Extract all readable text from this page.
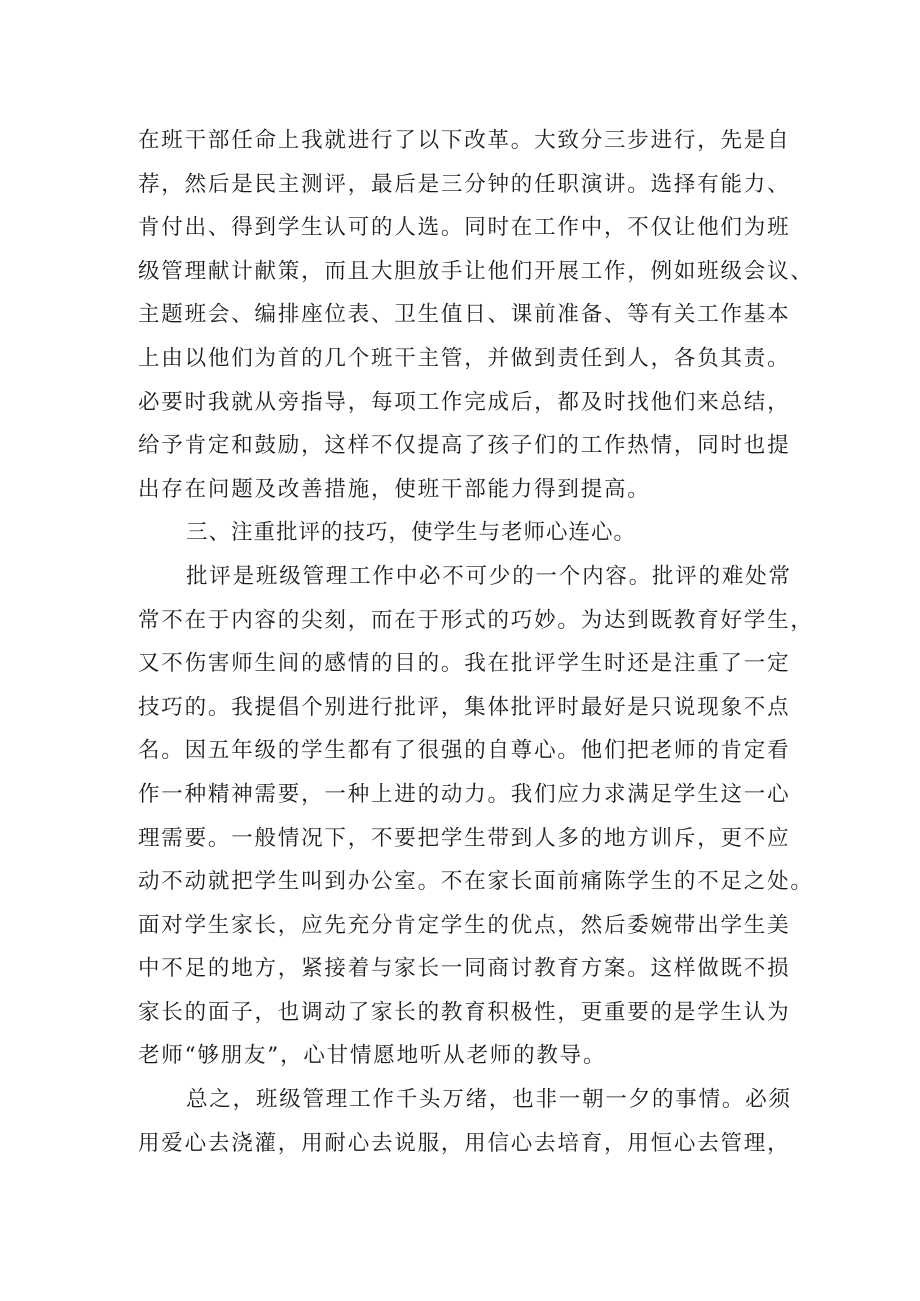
在班干部任命上我就进行了以下改革。大致分三步进行，先是自
荐，然后是民主测评，最后是三分钟的任职演讲。选择有能力、
肯付出、得到学生认可的人选。同时在工作中，不仅让他们为班
级管理献计献策，而且大胆放手让他们开展工作，例如班级会议、
主题班会、编排座位表、卫生值日、课前准备、等有关工作基本
上由以他们为首的几个班干主管，并做到责任到人，各负其责。
必要时我就从旁指导，每项工作完成后，都及时找他们来总结，
给予肯定和鼓励，这样不仅提高了孩子们的工作热情，同时也提
出存在问题及改善措施，使班干部能力得到提高。
三、注重批评的技巧，使学生与老师心连心。
批评是班级管理工作中必不可少的一个内容。批评的难处常
常不在于内容的尖刻，而在于形式的巧妙。为达到既教育好学生，
又不伤害师生间的感情的目的。我在批评学生时还是注重了一定
技巧的。我提倡个别进行批评，集体批评时最好是只说现象不点
名。因五年级的学生都有了很强的自尊心。他们把老师的肯定看
作一种精神需要，一种上进的动力。我们应力求满足学生这一心
理需要。一般情况下，不要把学生带到人多的地方训斥，更不应
动不动就把学生叫到办公室。不在家长面前痛陈学生的不足之处。
面对学生家长，应先充分肯定学生的优点，然后委婉带出学生美
中不足的地方，紧接着与家长一同商讨教育方案。这样做既不损
家长的面子，也调动了家长的教育积极性，更重要的是学生认为
老师“够朋友”，心甘情愿地听从老师的教导。
总之，班级管理工作千头万绪，也非一朝一夕的事情。必须
用爱心去浇灌，用耐心去说服，用信心去培育，用恒心去管理，
